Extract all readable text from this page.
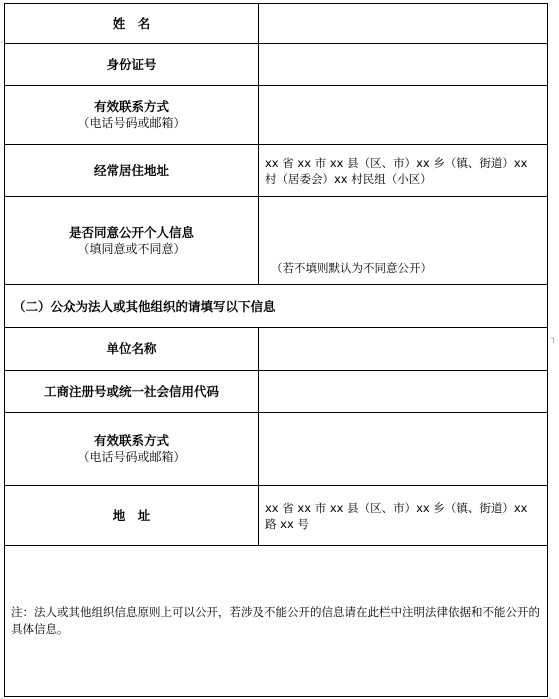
姓　名
身份证号
有效联系方式
（电话号码或邮箱）
经常居住地址	xx 省 xx 市 xx 县（区、市）xx 乡（镇、街道）xx 村（居委会）xx 村民组（小区）
是否同意公开个人信息
（填同意或不同意）
（若不填则默认为不同意公开）
（二）公众为法人或其他组织的请填写以下信息
单位名称
工商注册号或统一社会信用代码
有效联系方式
（电话号码或邮箱）
地　址	xx 省 xx 市 xx 县（区、市）xx 乡（镇、街道）xx 路 xx 号
注：法人或其他组织信息原则上可以公开，若涉及不能公开的信息请在此栏中注明法律依据和不能公开的具体信息。
·
┐
